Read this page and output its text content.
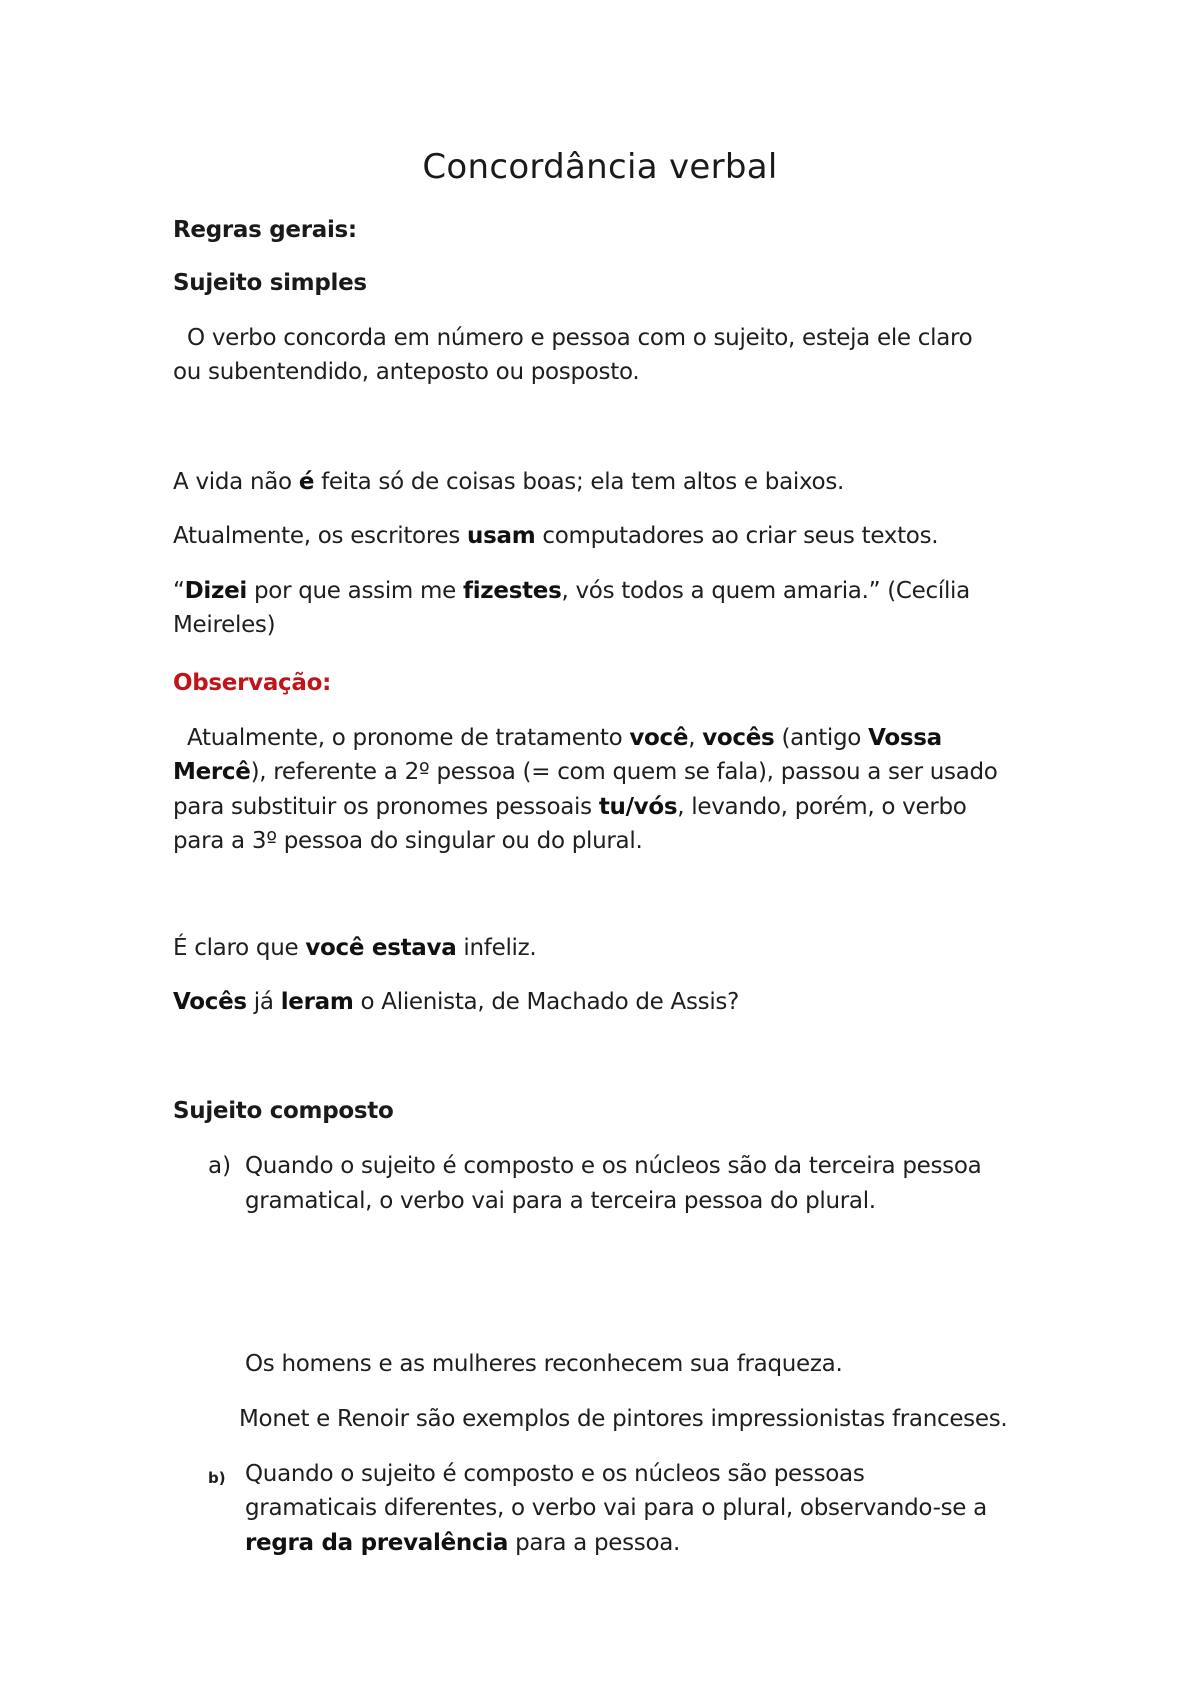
Concordância verbal
Regras gerais:
Sujeito simples
O verbo concorda em número e pessoa com o sujeito, esteja ele claro
ou subentendido, anteposto ou posposto.
A vida não é feita só de coisas boas; ela tem altos e baixos.
Atualmente, os escritores usam computadores ao criar seus textos.
“Dizei por que assim me fizestes, vós todos a quem amaria.” (Cecília
Meireles)
Observação:
Atualmente, o pronome de tratamento você, vocês (antigo Vossa
Mercê), referente a 2º pessoa (= com quem se fala), passou a ser usado
para substituir os pronomes pessoais tu/vós, levando, porém, o verbo
para a 3º pessoa do singular ou do plural.
É claro que você estava infeliz.
Vocês já leram o Alienista, de Machado de Assis?
Sujeito composto
a) Quando o sujeito é composto e os núcleos são da terceira pessoa
gramatical, o verbo vai para a terceira pessoa do plural.
Os homens e as mulheres reconhecem sua fraqueza.
Monet e Renoir são exemplos de pintores impressionistas franceses.
b) Quando o sujeito é composto e os núcleos são pessoas
gramaticais diferentes, o verbo vai para o plural, observando-se a
regra da prevalência para a pessoa.
